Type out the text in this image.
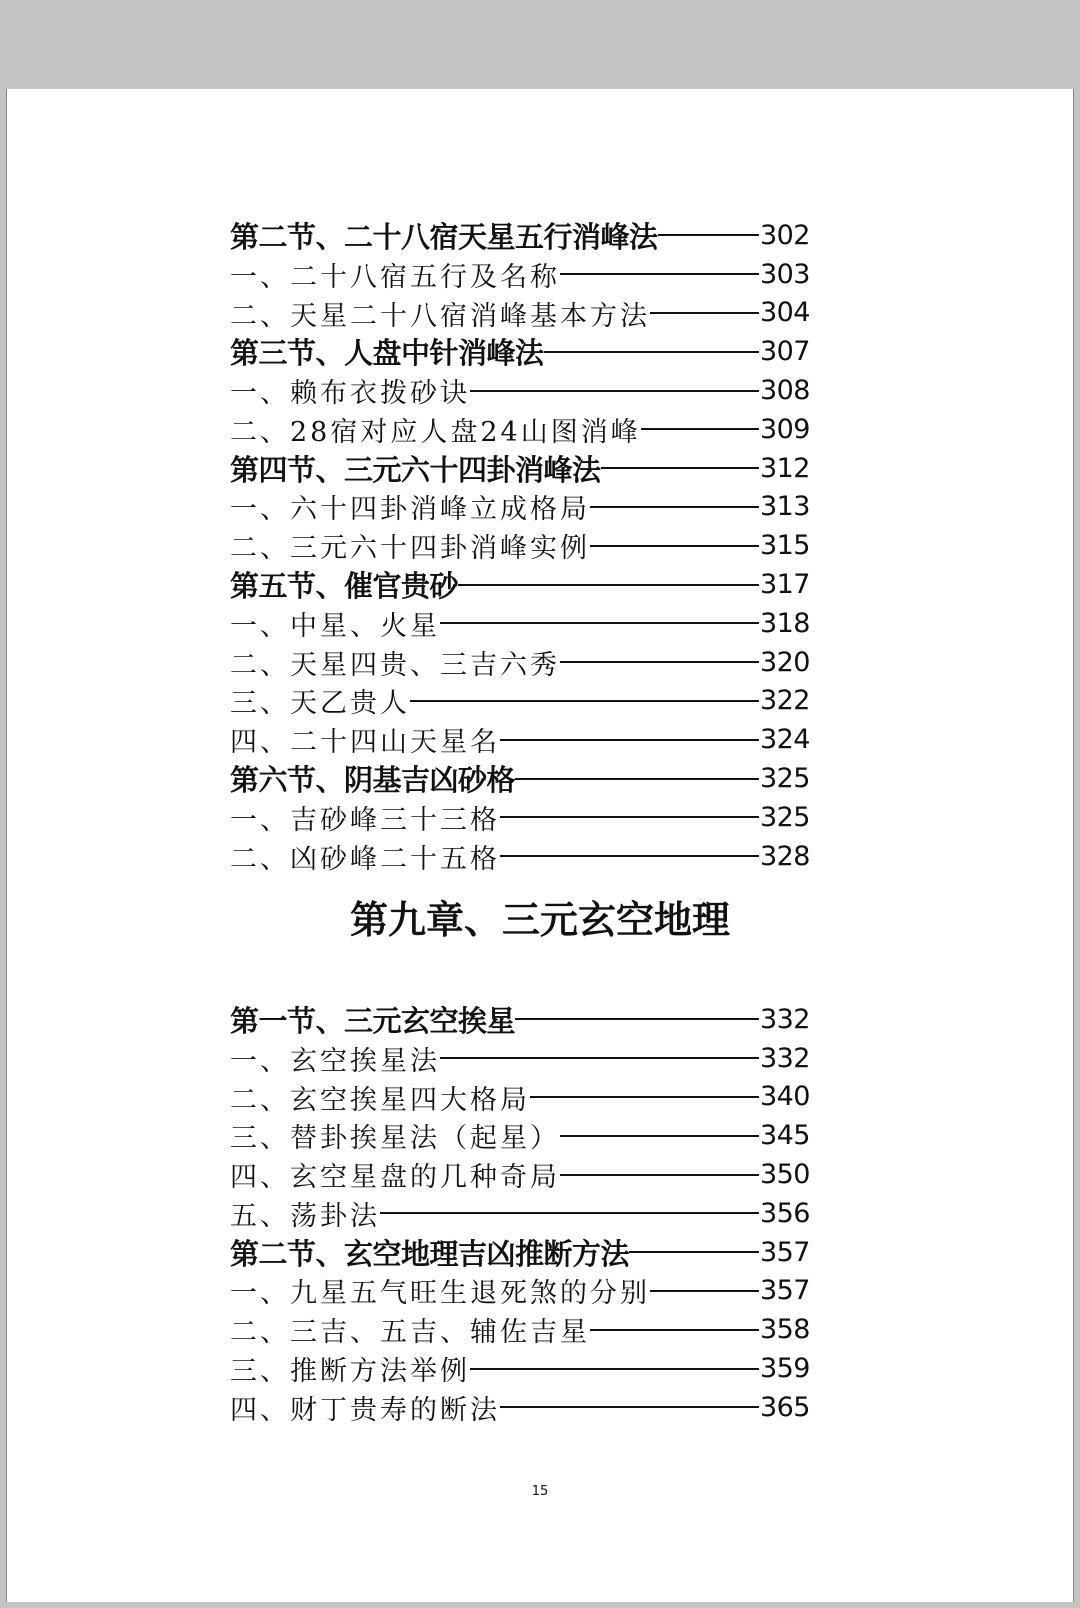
第二节、二十八宿天星五行消峰法	302
一、二十八宿五行及名称	303
二、天星二十八宿消峰基本方法	304
第三节、人盘中针消峰法	307
一、赖布衣拨砂诀	308
二、28宿对应人盘24山图消峰	309
第四节、三元六十四卦消峰法	312
一、六十四卦消峰立成格局	313
二、三元六十四卦消峰实例	315
第五节、催官贵砂	317
一、中星、火星	318
二、天星四贵、三吉六秀	320
三、天乙贵人	322
四、二十四山天星名	324
第六节、阴基吉凶砂格	325
一、吉砂峰三十三格	325
二、凶砂峰二十五格	328
第九章、三元玄空地理
第一节、三元玄空挨星	332
一、玄空挨星法	332
二、玄空挨星四大格局	340
三、替卦挨星法（起星）	345
四、玄空星盘的几种奇局	350
五、荡卦法	356
第二节、玄空地理吉凶推断方法	357
一、九星五气旺生退死煞的分别	357
二、三吉、五吉、辅佐吉星	358
三、推断方法举例	359
四、财丁贵寿的断法	365
15
